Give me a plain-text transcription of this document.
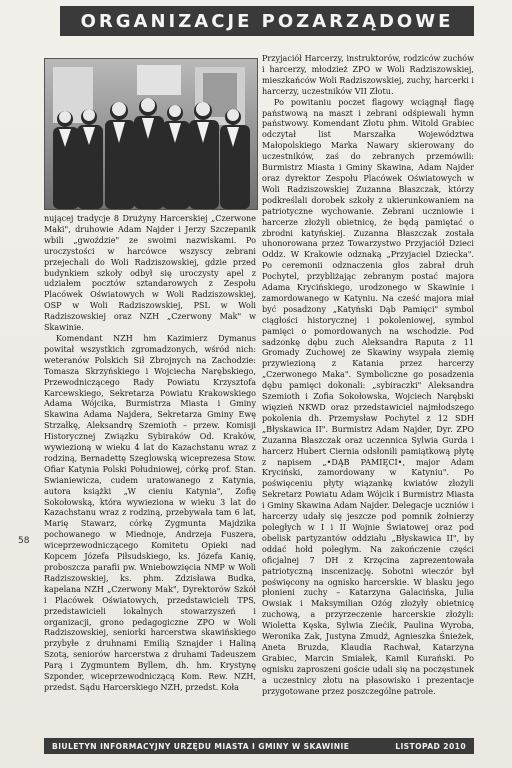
ORGANIZACJE POZARZĄDOWE

nującej tradycje 8 Drużyny Harcerskiej „Czerwone Maki", druhowie Adam Najder i Jerzy Szczepanik wbili „gwoździe" ze swoimi nazwiskami. Po uroczystości w harcówce wszyscy zebrani przejechali do Woli Radziszowskiej, gdzie przed budynkiem szkoły odbył się uroczysty apel z udziałem pocztów sztandarowych z Zespołu Placówek Oświatowych w Woli Radziszowskiej, OSP w Woli Radziszowskiej, PSL w Woli Radziszowskiej oraz NZH „Czerwony Mak" w Skawinie.

Komendant NZH hm Kazimierz Dymanus powitał wszystkich zgromadzonych, wśród nich: weteranów Polskich Sił Zbrojnych na Zachodzie: Tomasza Skrzyńskiego i Wojciecha Narębskiego, Przewodniczącego Rady Powiatu Krzysztofa Karcewskiego, Sekretarza Powiatu Krakowskiego Adama Wójcika, Burmistrza Miasta i Gminy Skawina Adama Najdera, Sekretarza Gminy Ewę Strzałkę, Aleksandrę Szemioth – przew. Komisji Historycznej Związku Sybiraków Od. Kraków, wywiezioną w wieku 4 lat do Kazachstanu wraz z rodziną, Bernadettę Szeglowską wiceprezesa Stow. Ofiar Katynia Polski Południowej, córkę prof. Stan. Swianiewicza, cudem uratowanego z Katynia, autora książki „W cieniu Katynia", Zofię Sokołowską, która wywieziona w wieku 3 lat do Kazachstanu wraz z rodziną, przebywała tam 6 lat, Marię Stawarz, córkę Zygmunta Majdzika pochowanego w Miednoje, Andrzeja Fuszera, wiceprzewodniczącego Komitetu Opieki nad Kopcem Józefa Piłsudskiego, ks. Józefa Kanię, proboszcza parafii pw. Wniebowzięcia NMP w Woli Radziszowskiej, ks. phm. Zdzisława Budka, kapelana NZH „Czerwony Mak", Dyrektorów Szkół i Placówek Oświatowych, przedstawicieli TPS, przedstawicieli lokalnych stowarzyszeń i organizacji, grono pedagogiczne ZPO w Woli Radziszowskiej, seniorki harcerstwa skawińskiego przybyłe z druhnami Emilią Sznajder i Haliną Szotą, seniorów harcerstwa z druhami Tadeuszem Parą i Zygmuntem Byllem, dh. hm. Krystynę Szponder, wiceprzewodniczącą Kom. Rew. NZH, przedst. Sądu Harcerskiego NZH, przedst. Koła

Przyjaciół Harcerzy, instruktorów, rodziców zuchów i harcerzy, młodzież ZPO w Woli Radziszowskiej, mieszkańców Woli Radziszowskiej, zuchy, harcerki i harcerzy, uczestników VII Złotu.

Po powitaniu poczet flagowy wciągnął flagę państwową na maszt i zebrani odśpiewali hymn państwowy. Komendant Złotu phm. Witold Grabiec odczytał list Marszałka Województwa Małopolskiego Marka Nawary skierowany do uczestników, zaś do zebranych przemówili: Burmistrz Miasta i Gminy Skawina, Adam Najder oraz dyrektor Zespołu Placówek Oświatowych w Woli Radziszowskiej Zuzanna Błaszczak, którzy podkreślali dorobek szkoły z ukierunkowaniem na patriotyczne wychowanie. Zebrani uczniowie i harcerze złożyli obietnicę, że będą pamiętać o zbrodni katyńskiej. Zuzanna Błaszczak została uhonorowana przez Towarzystwo Przyjaciół Dzieci Oddz. W Krakowie odznaką „Przyjaciel Dziecka". Po ceremonii odznaczenia głos zabrał druh Pochytel, przybliżając zebranym postać majora Adama Krycińskiego, urodzonego w Skawinie i zamordowanego w Katyniu. Na cześć majora miał być posadzony „Katyński Dąb Pamięci" symbol ciągłości historycznej i pokoleniowej, symbol pamięci o pomordowanych na wschodzie. Pod sadzonkę dębu zuch Aleksandra Raputa z 11 Gromady Zuchowej ze Skawiny wsypała ziemię przywiezioną z Katania przez harcerzy „Czerwonego Maka". Symboliczne go posadzenia dębu pamięci dokonali: „sybiraczki" Aleksandra Szemioth i Zofia Sokołowska, Wojciech Narębski więzień NKWD oraz przedstawiciel najmłodszego pokolenia dh. Przemysław Pochytel z 12 SDH „Błyskawica II". Burmistrz Adam Najder, Dyr. ZPO Zuzanna Błaszczak oraz uczennica Sylwia Gurda i harcerz Hubert Ciernia odsłonili pamiątkową płytę z napisem „•DĄB PAMIĘCI•, major Adam Kryciński, zamordowany w Katyniu". Po poświęceniu płyty wiązankę kwiatów złożyli Sekretarz Powiatu Adam Wójcik i Burmistrz Miasta i Gminy Skawina Adam Najder. Delegacje uczniów i harcerzy udały się jeszcze pod pomnik żołnierzy poległych w I i II Wojnie Światowej oraz pod obelisk partyzantów oddziału „Błyskawica II", by oddać hołd poległym. Na zakończenie części oficjalnej 7 DH z Krzęcina zaprezentowała patriotyczną inscenizację. Sobotni wieczór był poświęcony na ognisko harcerskie. W blasku jego płonieni zuchy – Katarzyna Galacińska, Julia Owsiak i Maksymilian Ożóg złożyły obietnicę zuchową, a przyrzeczenie harcerskie złożyli: Wioletta Kęska, Sylwia Ziećik, Paulina Wyroba, Weronika Zak, Justyna Zmudź, Agnieszka Śnieżek, Aneta Bruzda, Klaudia Rachwał, Katarzyna Grabiec, Marcin Smiałek, Kamil Kurański. Po ognisku zaproszeni goście udali się na poczęstunek a uczestnicy złotu na płasowisko i prezentacje przygotowane przez poszczególne patrole.

58
BIULETYN INFORMACYJNY URZĘDU MIASTA I GMINY W SKAWINIE	LISTOPAD 2010
